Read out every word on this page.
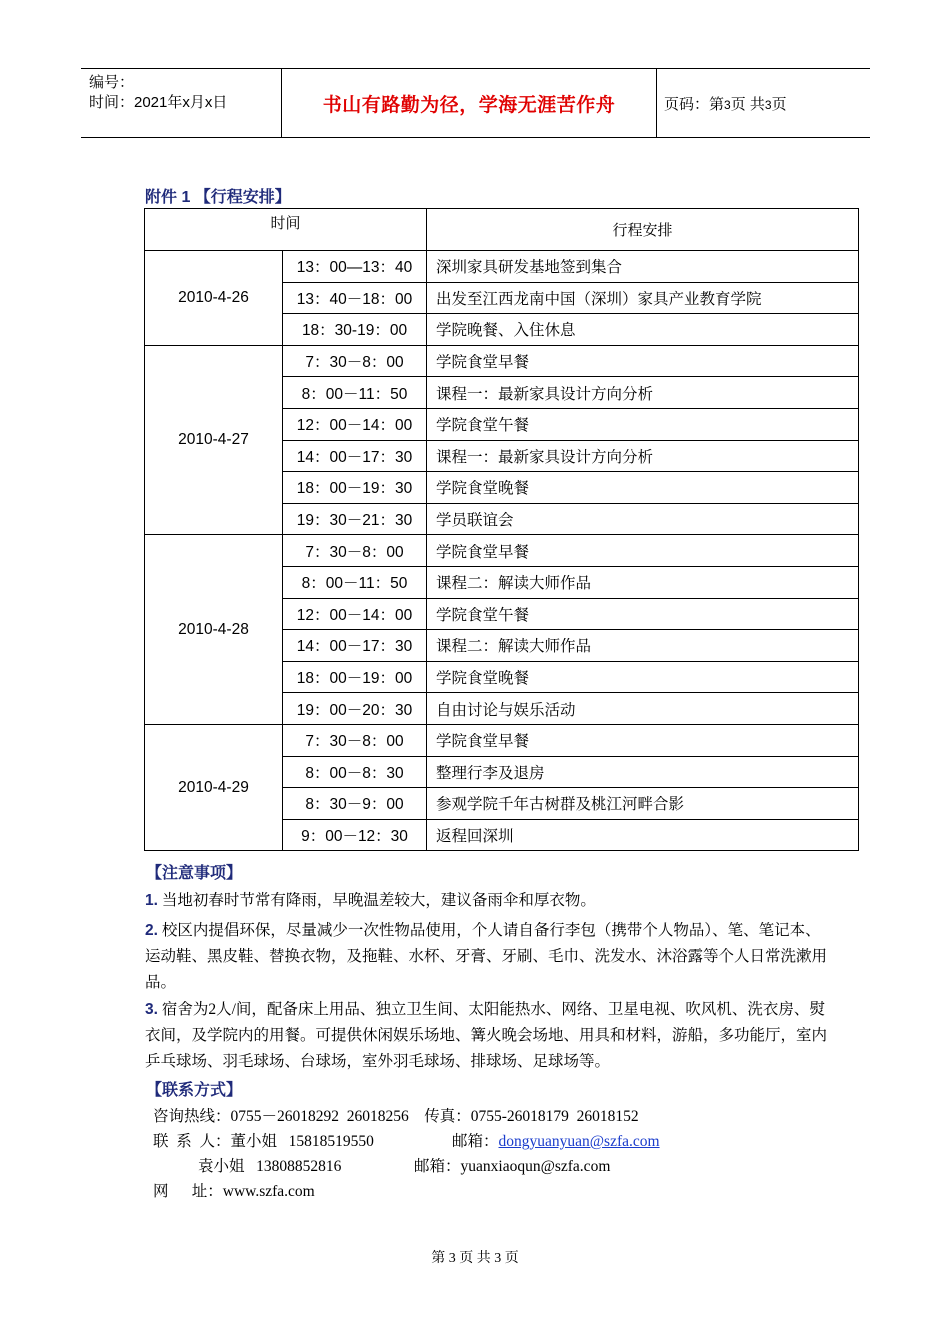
编号：
时间：2021年x月x日	书山有路勤为径，学海无涯苦作舟	页码：第3页 共3页
附件 1 【行程安排】
时间		行程安排
2010-4-26	13：00—13：40	深圳家具研发基地签到集合
	13：40－18：00	出发至江西龙南中国（深圳）家具产业教育学院
	18：30-19：00	学院晚餐、入住休息
2010-4-27	7：30－8：00	学院食堂早餐
	8：00－11：50	课程一：最新家具设计方向分析
	12：00－14：00	学院食堂午餐
	14：00－17：30	课程一：最新家具设计方向分析
	18：00－19：30	学院食堂晚餐
	19：30－21：30	学员联谊会
2010-4-28	7：30－8：00	学院食堂早餐
	8：00－11：50	课程二：解读大师作品
	12：00－14：00	学院食堂午餐
	14：00－17：30	课程二：解读大师作品
	18：00－19：00	学院食堂晚餐
	19：00－20：30	自由讨论与娱乐活动
2010-4-29	7：30－8：00	学院食堂早餐
	8：00－8：30	整理行李及退房
	8：30－9：00	参观学院千年古树群及桃江河畔合影
	9：00－12：30	返程回深圳
【注意事项】
1. 当地初春时节常有降雨，早晚温差较大，建议备雨伞和厚衣物。
2. 校区内提倡环保，尽量减少一次性物品使用，个人请自备行李包（携带个人物品）、笔、笔记本、运动鞋、黑皮鞋、替换衣物，及拖鞋、水杯、牙膏、牙刷、毛巾、洗发水、沐浴露等个人日常洗漱用品。
3. 宿舍为2人/间，配备床上用品、独立卫生间、太阳能热水、网络、卫星电视、吹风机、洗衣房、熨衣间，及学院内的用餐。可提供休闲娱乐场地、篝火晚会场地、用具和材料，游船，多功能厅，室内乒乓球场、羽毛球场、台球场，室外羽毛球场、排球场、足球场等。
【联系方式】
咨询热线：0755－26018292  26018256    传真：0755-26018179  26018152
联  系  人：董小姐   15818519550	邮箱：dongyuanyuan@szfa.com
袁小姐   13808852816	邮箱：yuanxiaoqun@szfa.com
网      址：www.szfa.com
第 3 页 共 3 页
